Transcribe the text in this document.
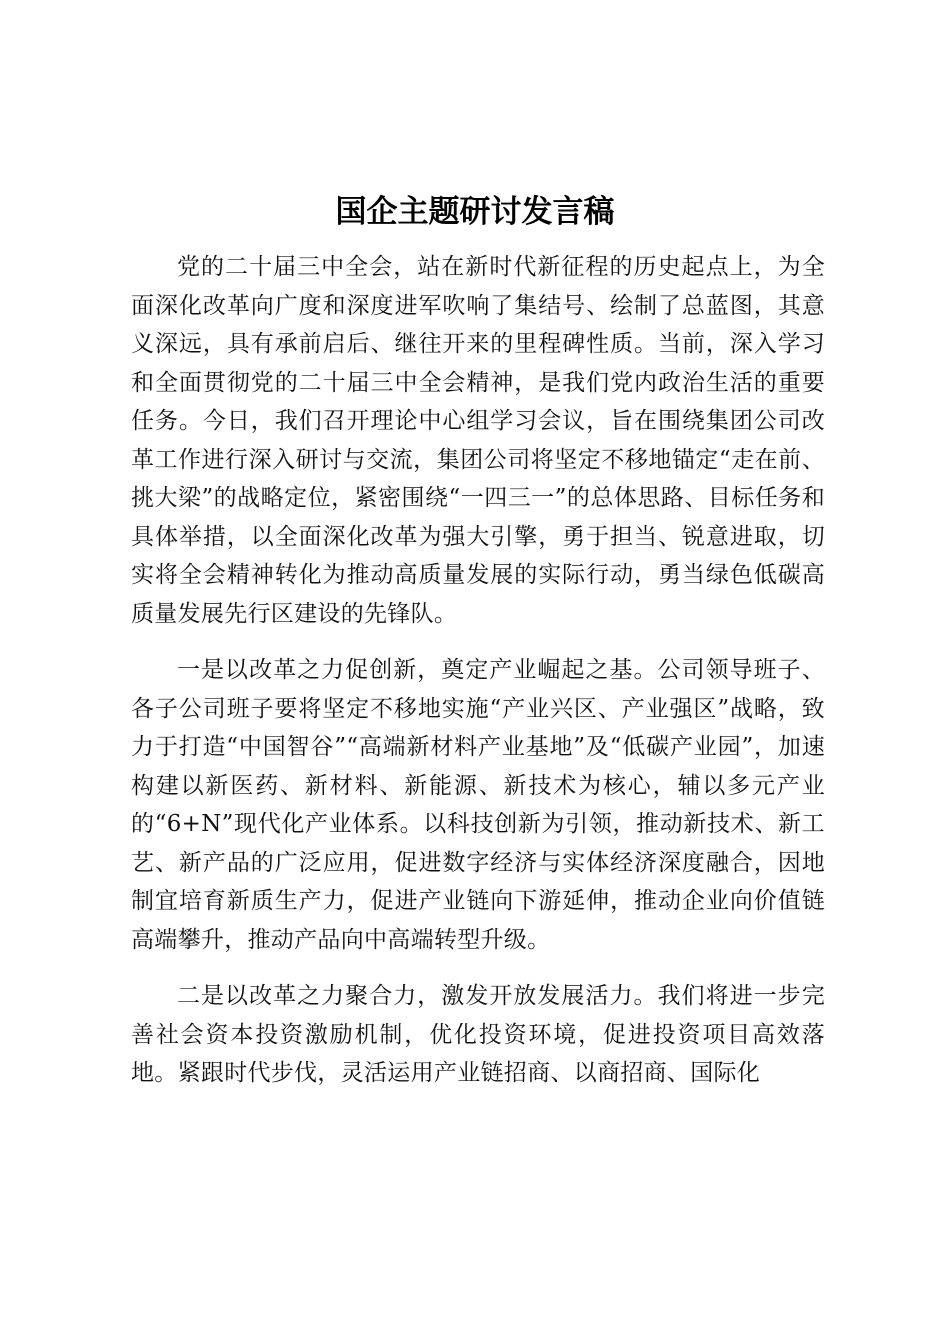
国企主题研讨发言稿

党的二十届三中全会，站在新时代新征程的历史起点上，为全面深化改革向广度和深度进军吹响了集结号、绘制了总蓝图，其意义深远，具有承前启后、继往开来的里程碑性质。当前，深入学习和全面贯彻党的二十届三中全会精神，是我们党内政治生活的重要任务。今日，我们召开理论中心组学习会议，旨在围绕集团公司改革工作进行深入研讨与交流，集团公司将坚定不移地锚定“走在前、挑大梁”的战略定位，紧密围绕“一四三一”的总体思路、目标任务和具体举措，以全面深化改革为强大引擎，勇于担当、锐意进取，切实将全会精神转化为推动高质量发展的实际行动，勇当绿色低碳高质量发展先行区建设的先锋队。

一是以改革之力促创新，奠定产业崛起之基。公司领导班子、各子公司班子要将坚定不移地实施“产业兴区、产业强区”战略，致力于打造“中国智谷”“高端新材料产业基地”及“低碳产业园”，加速构建以新医药、新材料、新能源、新技术为核心，辅以多元产业的“6+N”现代化产业体系。以科技创新为引领，推动新技术、新工艺、新产品的广泛应用，促进数字经济与实体经济深度融合，因地制宜培育新质生产力，促进产业链向下游延伸，推动企业向价值链高端攀升，推动产品向中高端转型升级。

二是以改革之力聚合力，激发开放发展活力。我们将进一步完善社会资本投资激励机制，优化投资环境，促进投资项目高效落地。紧跟时代步伐，灵活运用产业链招商、以商招商、国际化
